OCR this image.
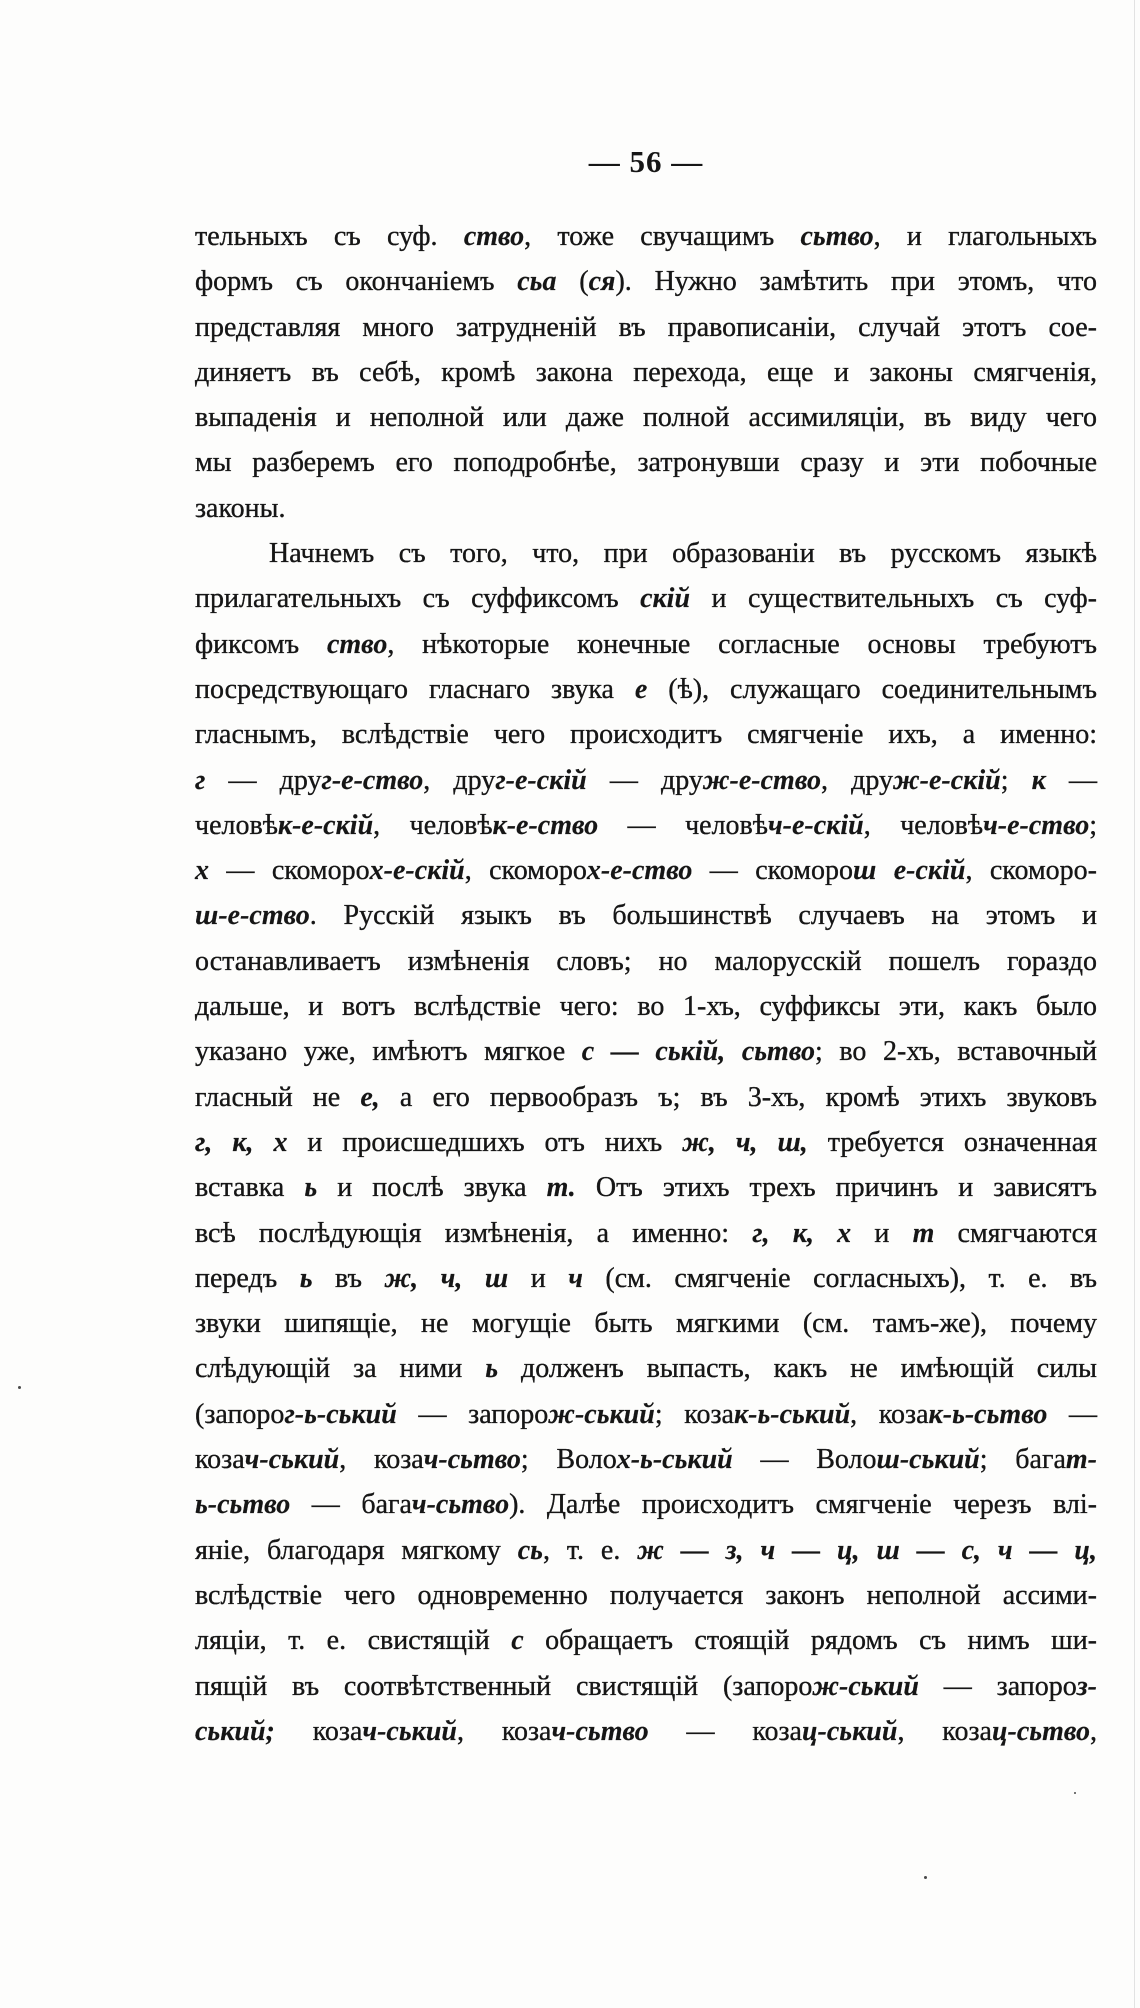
— 56 —
тельныхъ съ суф. ство, тоже свучащимъ сьтво, и глагольныхъ
формъ съ окончаніемъ сьа (ся). Нужно замѣтить при этомъ, что
представляя много затрудненій въ правописаніи, случай этотъ сое-
диняетъ въ себѣ, кромѣ закона перехода, еще и законы смягченія,
выпаденія и неполной или даже полной ассимиляціи, въ виду чего
мы разберемъ его поподробнѣе, затронувши сразу и эти побочные
законы.
Начнемъ съ того, что, при образованіи въ русскомъ языкѣ
прилагательныхъ съ суффиксомъ скій и существительныхъ съ суф-
фиксомъ ство, нѣкоторые конечные согласные основы требуютъ
посредствующаго гласнаго звука е (ѣ), служащаго соединительнымъ
гласнымъ, вслѣдствіе чего происходитъ смягченіе ихъ, а именно:
г — друг-е-ство, друг-е-скій — друж-е-ство, друж-е-скій; к —
человѣк-е-скій, человѣк-е-ство — человѣч-е-скій, человѣч-е-ство;
х — скоморох-е-скій, скоморох-е-ство — скоморош е-скій, скоморо-
ш-е-ство. Русскій языкъ въ большинствѣ случаевъ на этомъ и
останавливаетъ измѣненія словъ; но малорусскій пошелъ гораздо
дальше, и вотъ вслѣдствіе чего: во 1-хъ, суффиксы эти, какъ было
указано уже, имѣютъ мягкое с — ській, сьтво; во 2-хъ, вставочный
гласный не е, а его первообразъ ъ; въ 3-хъ, кромѣ этихъ звуковъ
г, к, х и происшедшихъ отъ нихъ ж, ч, ш, требуется означенная
вставка ь и послѣ звука т. Отъ этихъ трехъ причинъ и зависятъ
всѣ послѣдующія измѣненія, а именно: г, к, х и т смягчаются
передъ ь въ ж, ч, ш и ч (см. смягченіе согласныхъ), т. е. въ
звуки шипящіе, не могущіе быть мягкими (см. тамъ-же), почему
слѣдующій за ними ь долженъ выпасть, какъ не имѣющій силы
(запорог-ь-ський — запорож-ський; козак-ь-ський, козак-ь-сьтво —
козач-ський, козач-сьтво; Волох-ь-ський — Волош-ський; багат-
ь-сьтво — багач-сьтво). Далѣе происходитъ смягченіе черезъ влі-
яніе, благодаря мягкому сь, т. е. ж — з, ч — ц, ш — с, ч — ц,
вслѣдствіе чего одновременно получается законъ неполной ассими-
ляціи, т. е. свистящій с обращаетъ стоящій рядомъ съ нимъ ши-
пящій въ соотвѣтственный свистящій (запорож-ський — запороз-
ський; козач-ський, козач-сьтво — козац-ський, козац-сьтво,
